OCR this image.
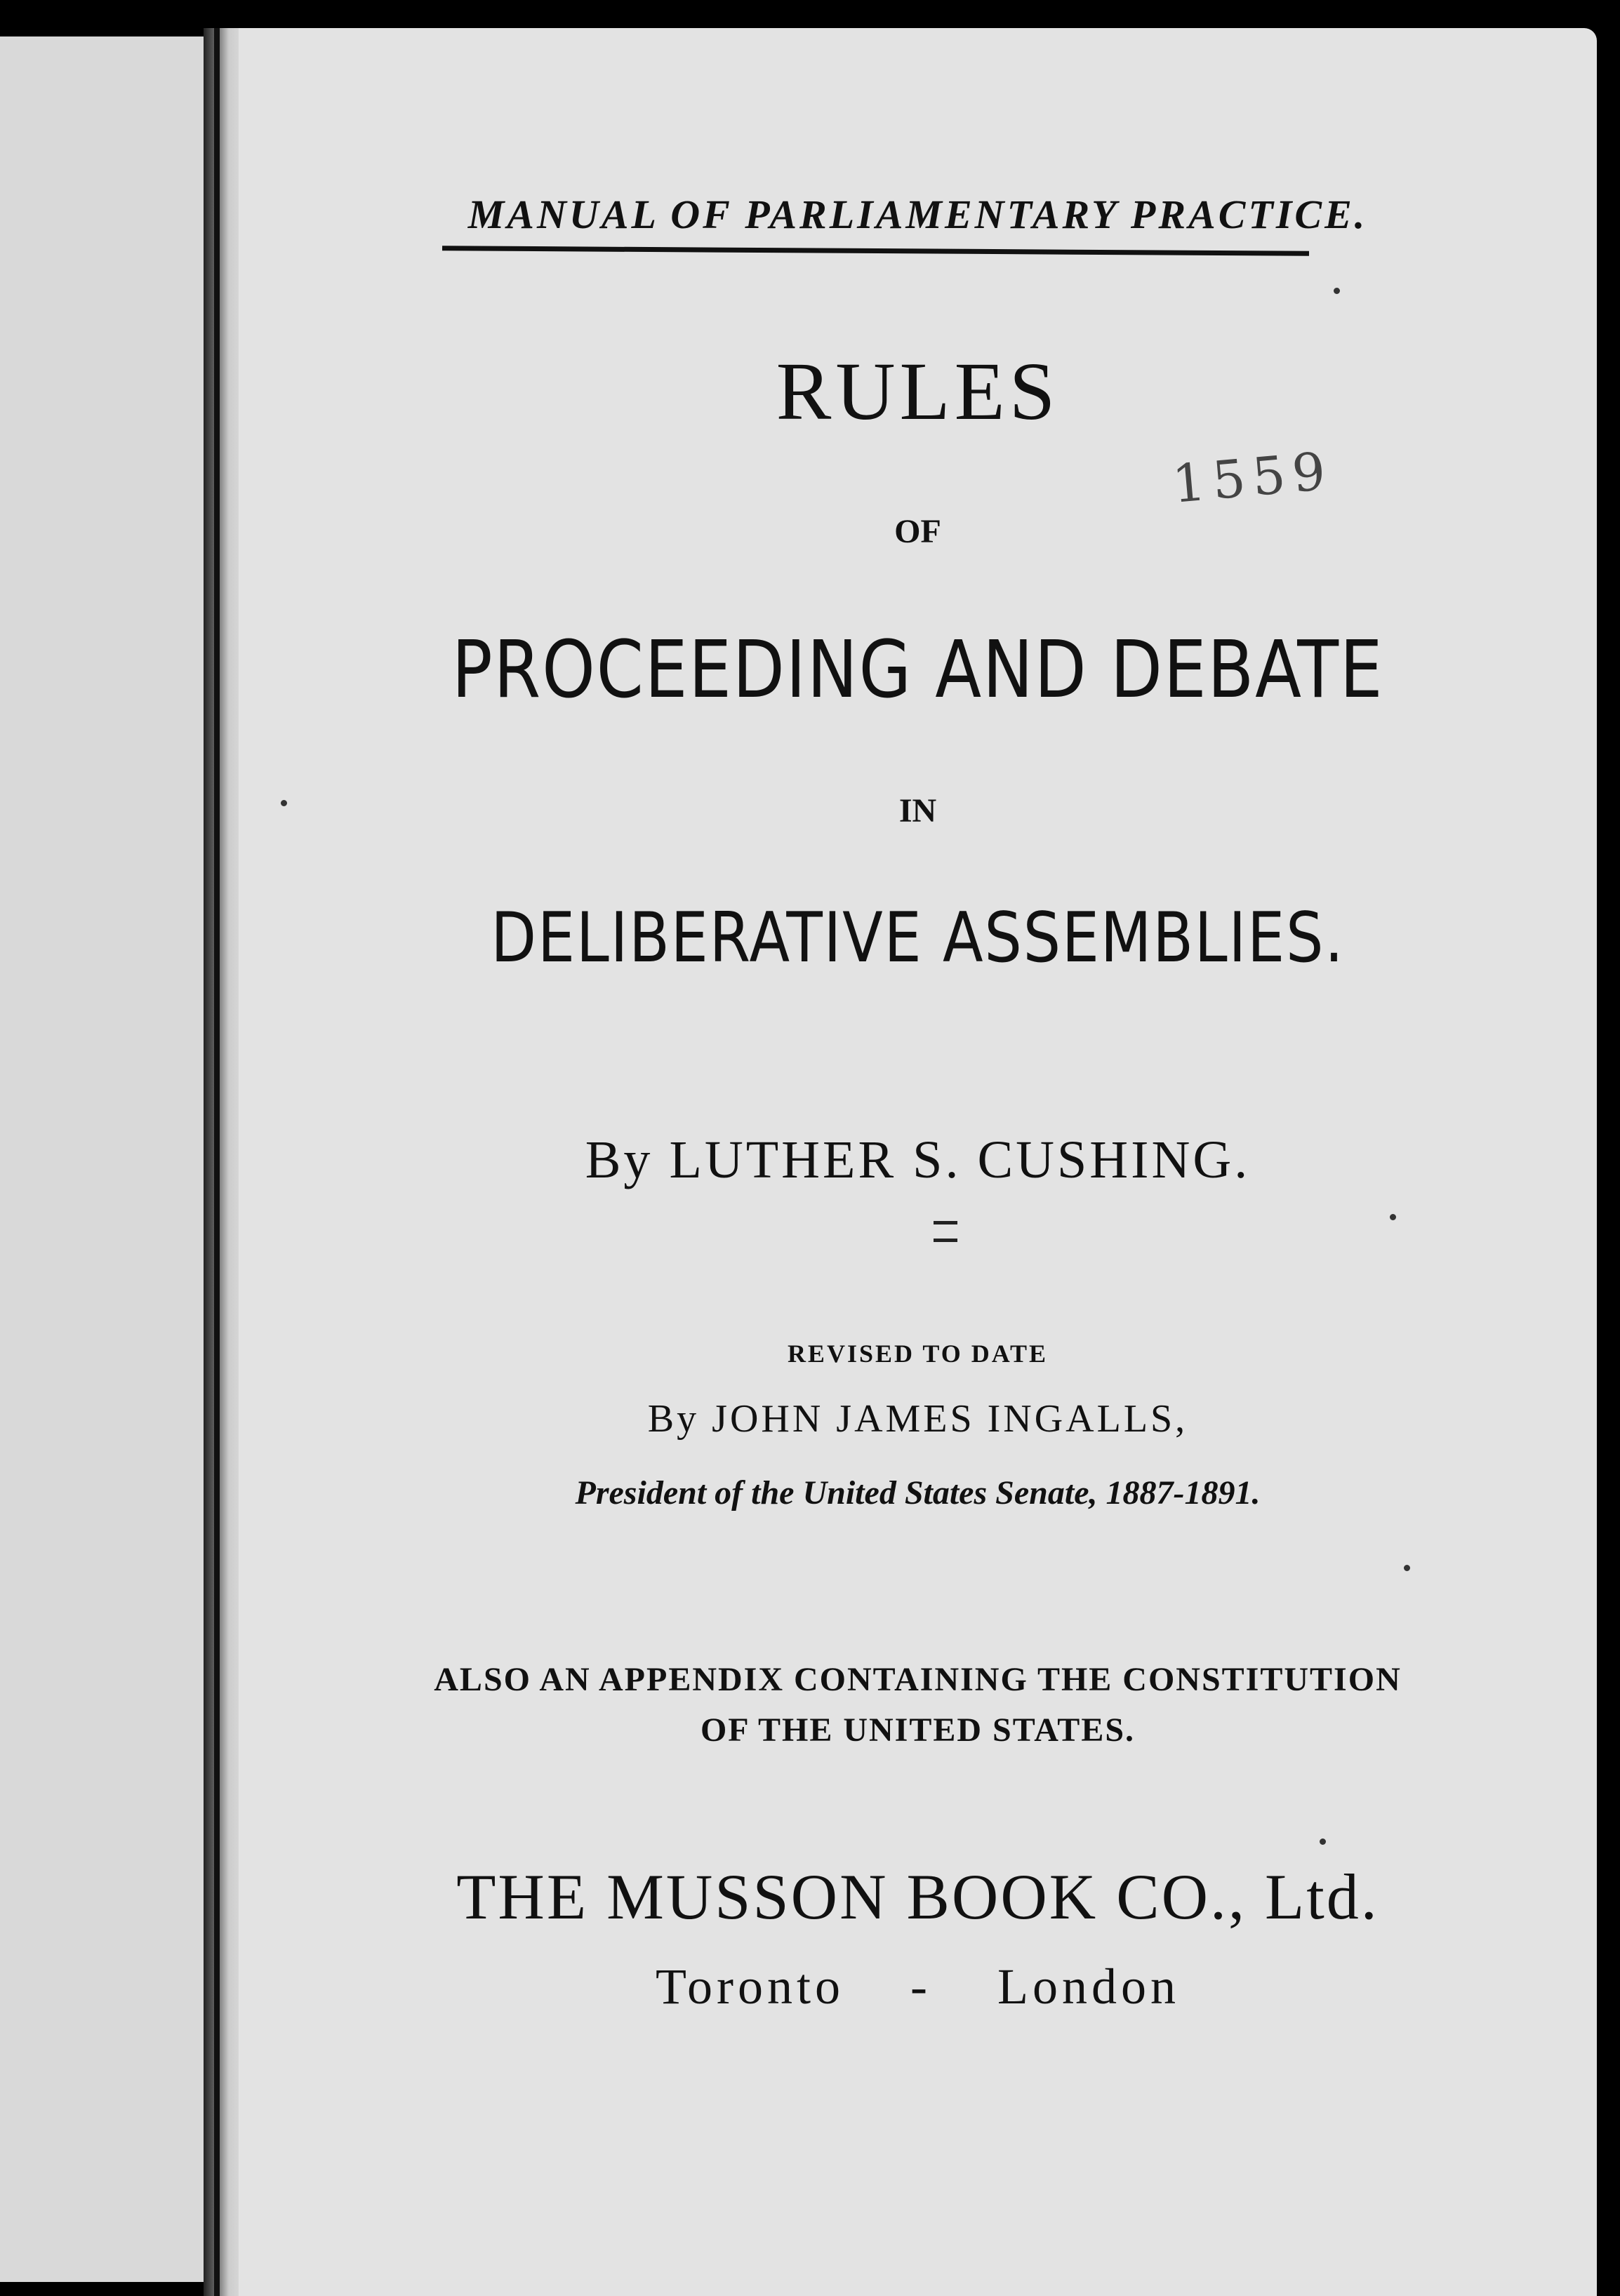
MANUAL OF PARLIAMENTARY PRACTICE.
RULES
1559
OF
PROCEEDING AND DEBATE
IN
DELIBERATIVE ASSEMBLIES.
By LUTHER S. CUSHING.
REVISED TO DATE
By JOHN JAMES INGALLS,
President of the United States Senate, 1887-1891.
ALSO AN APPENDIX CONTAINING THE CONSTITUTION
OF THE UNITED STATES.
THE MUSSON BOOK CO., Ltd.
Toronto - London
